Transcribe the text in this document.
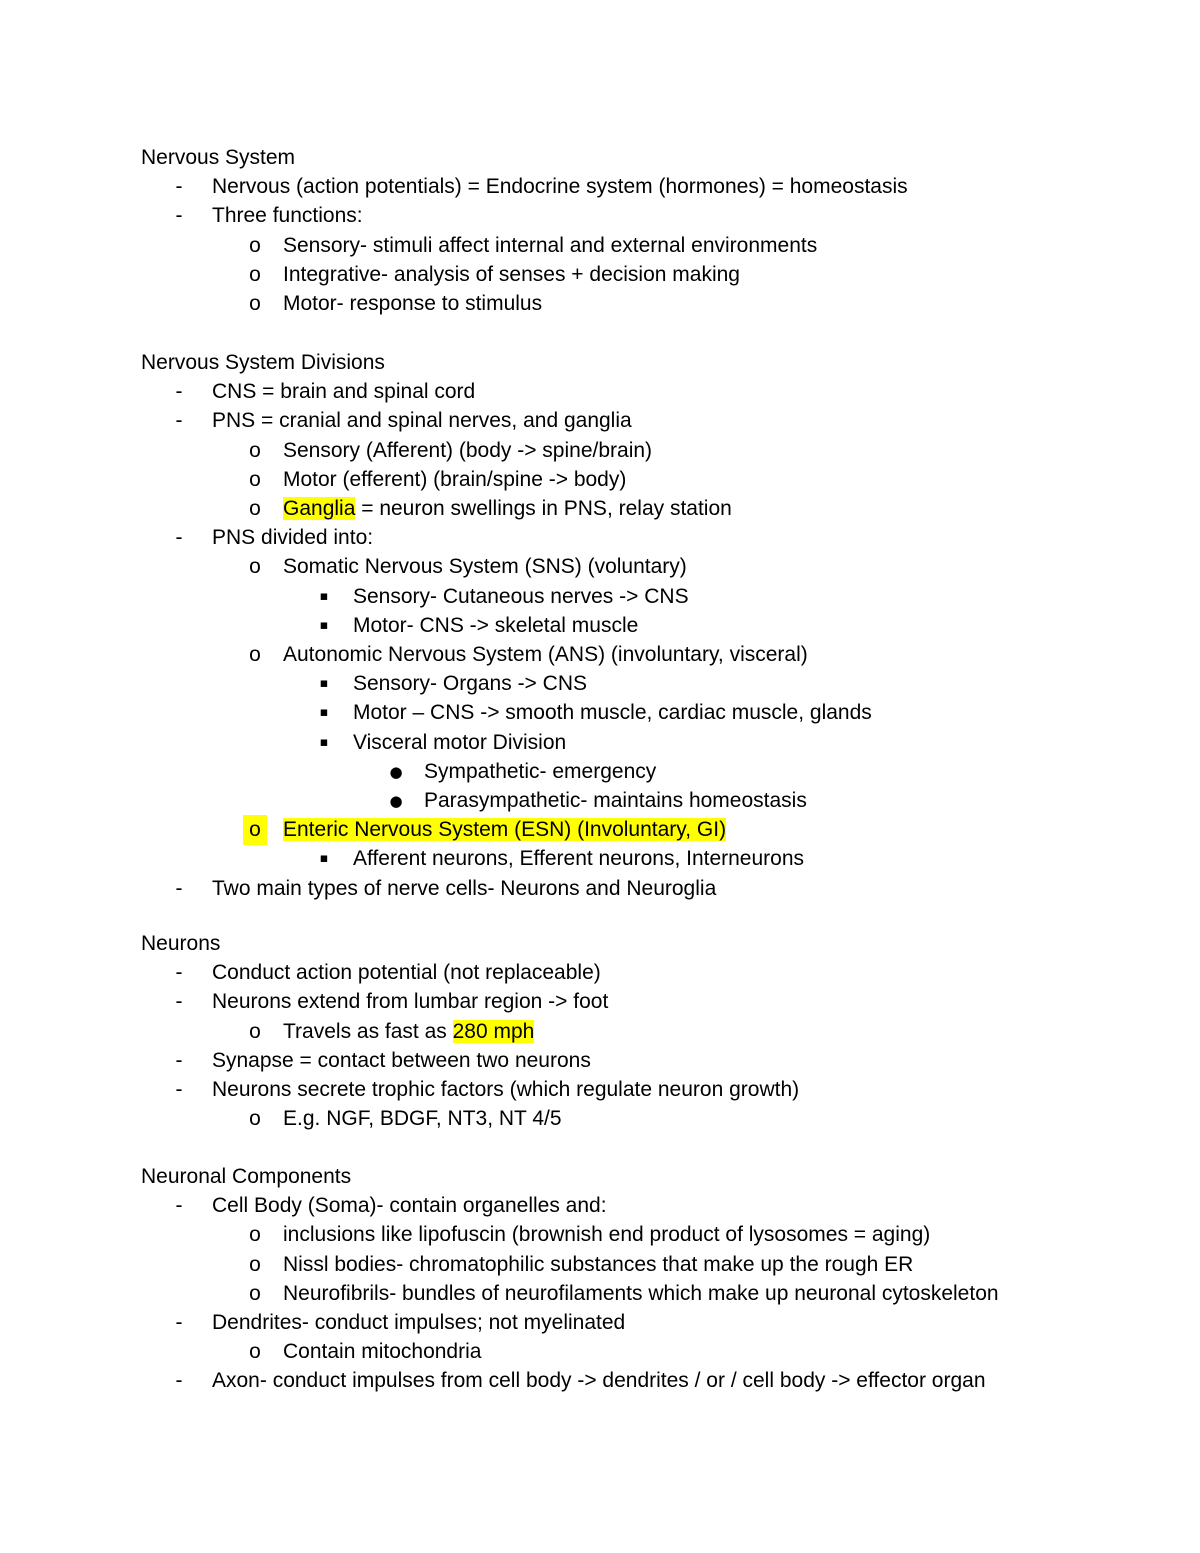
Nervous System
-	Nervous (action potentials) = Endocrine system (hormones) = homeostasis
-	Three functions:
o Sensory- stimuli affect internal and external environments
o Integrative- analysis of senses + decision making
o Motor- response to stimulus
Nervous System Divisions
-	CNS = brain and spinal cord
-	PNS = cranial and spinal nerves, and ganglia
o Sensory (Afferent) (body -> spine/brain)
o Motor (efferent) (brain/spine -> body)
o Ganglia = neuron swellings in PNS, relay station
-	PNS divided into:
o Somatic Nervous System (SNS) (voluntary)
▪	Sensory- Cutaneous nerves -> CNS
▪	Motor- CNS -> skeletal muscle
o Autonomic Nervous System (ANS) (involuntary, visceral)
▪	Sensory- Organs -> CNS
▪	Motor – CNS -> smooth muscle, cardiac muscle, glands
▪	Visceral motor Division
● Sympathetic- emergency
● Parasympathetic- maintains homeostasis
o Enteric Nervous System (ESN) (Involuntary, GI)
▪	Afferent neurons, Efferent neurons, Interneurons
-	Two main types of nerve cells- Neurons and Neuroglia
Neurons
-	Conduct action potential (not replaceable)
-	Neurons extend from lumbar region -> foot
o Travels as fast as 280 mph
-	Synapse = contact between two neurons
-	Neurons secrete trophic factors (which regulate neuron growth)
o E.g. NGF, BDGF, NT3, NT 4/5
Neuronal Components
-	Cell Body (Soma)- contain organelles and:
o inclusions like lipofuscin (brownish end product of lysosomes = aging)
o Nissl bodies- chromatophilic substances that make up the rough ER
o Neurofibrils- bundles of neurofilaments which make up neuronal cytoskeleton
-	Dendrites- conduct impulses; not myelinated
o Contain mitochondria
-	Axon- conduct impulses from cell body -> dendrites / or / cell body -> effector organ
